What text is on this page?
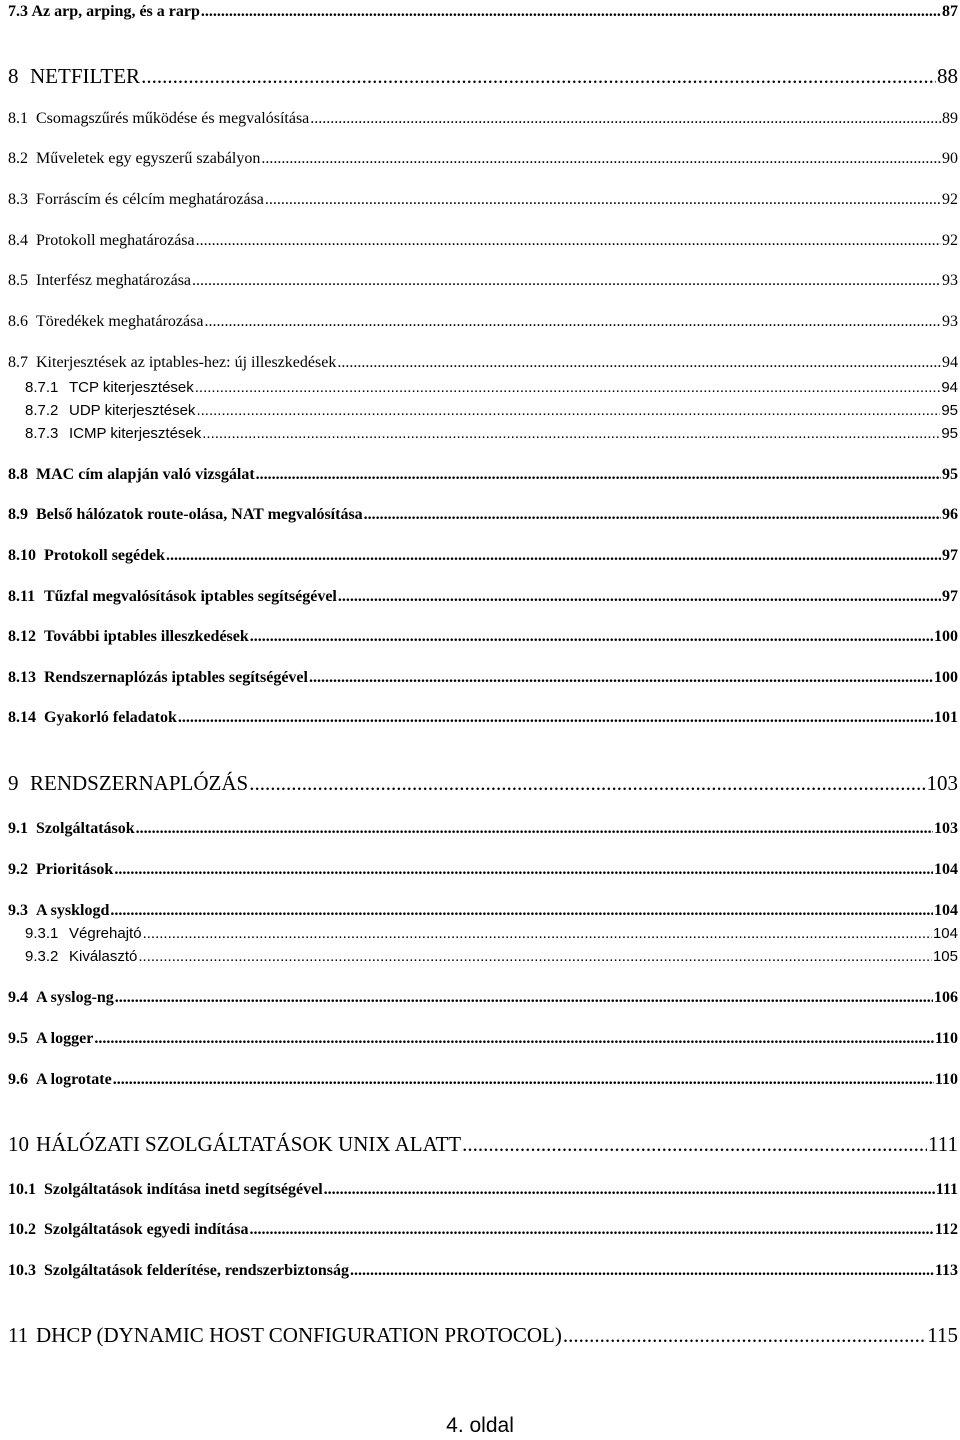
7.3 Az arp, arping, és a rarp .....	87
8 NETFILTER .....	88
8.1 Csomagszűrés működése és megvalósítása .....	89
8.2 Műveletek egy egyszerű szabályon .....	90
8.3 Forráscím és célcím meghatározása .....	92
8.4 Protokoll meghatározása .....	92
8.5 Interfész meghatározása .....	93
8.6 Töredékek meghatározása .....	93
8.7 Kiterjesztések az iptables-hez: új illeszkedések .....	94
8.7.1 TCP kiterjesztések .....	94
8.7.2 UDP kiterjesztések .....	95
8.7.3 ICMP kiterjesztések .....	95
8.8 MAC cím alapján való vizsgálat .....	95
8.9 Belső hálózatok route-olása, NAT megvalósítása .....	96
8.10 Protokoll segédek .....	97
8.11 Tűzfal megvalósítások iptables segítségével .....	97
8.12 További iptables illeszkedések .....	100
8.13 Rendszernaplózás iptables segítségével .....	100
8.14 Gyakorló feladatok .....	101
9 RENDSZERNAPLÓZÁS .....	103
9.1 Szolgáltatások .....	103
9.2 Prioritások .....	104
9.3 A sysklogd .....	104
9.3.1 Végrehajtó .....	104
9.3.2 Kiválasztó .....	105
9.4 A syslog-ng .....	106
9.5 A logger .....	110
9.6 A logrotate .....	110
10 HÁLÓZATI SZOLGÁLTATÁSOK UNIX ALATT .....	111
10.1 Szolgáltatások indítása inetd segítségével .....	111
10.2 Szolgáltatások egyedi indítása .....	112
10.3 Szolgáltatások felderítése, rendszerbiztonság .....	113
11 DHCP (DYNAMIC HOST CONFIGURATION PROTOCOL) .....	115
4. oldal
